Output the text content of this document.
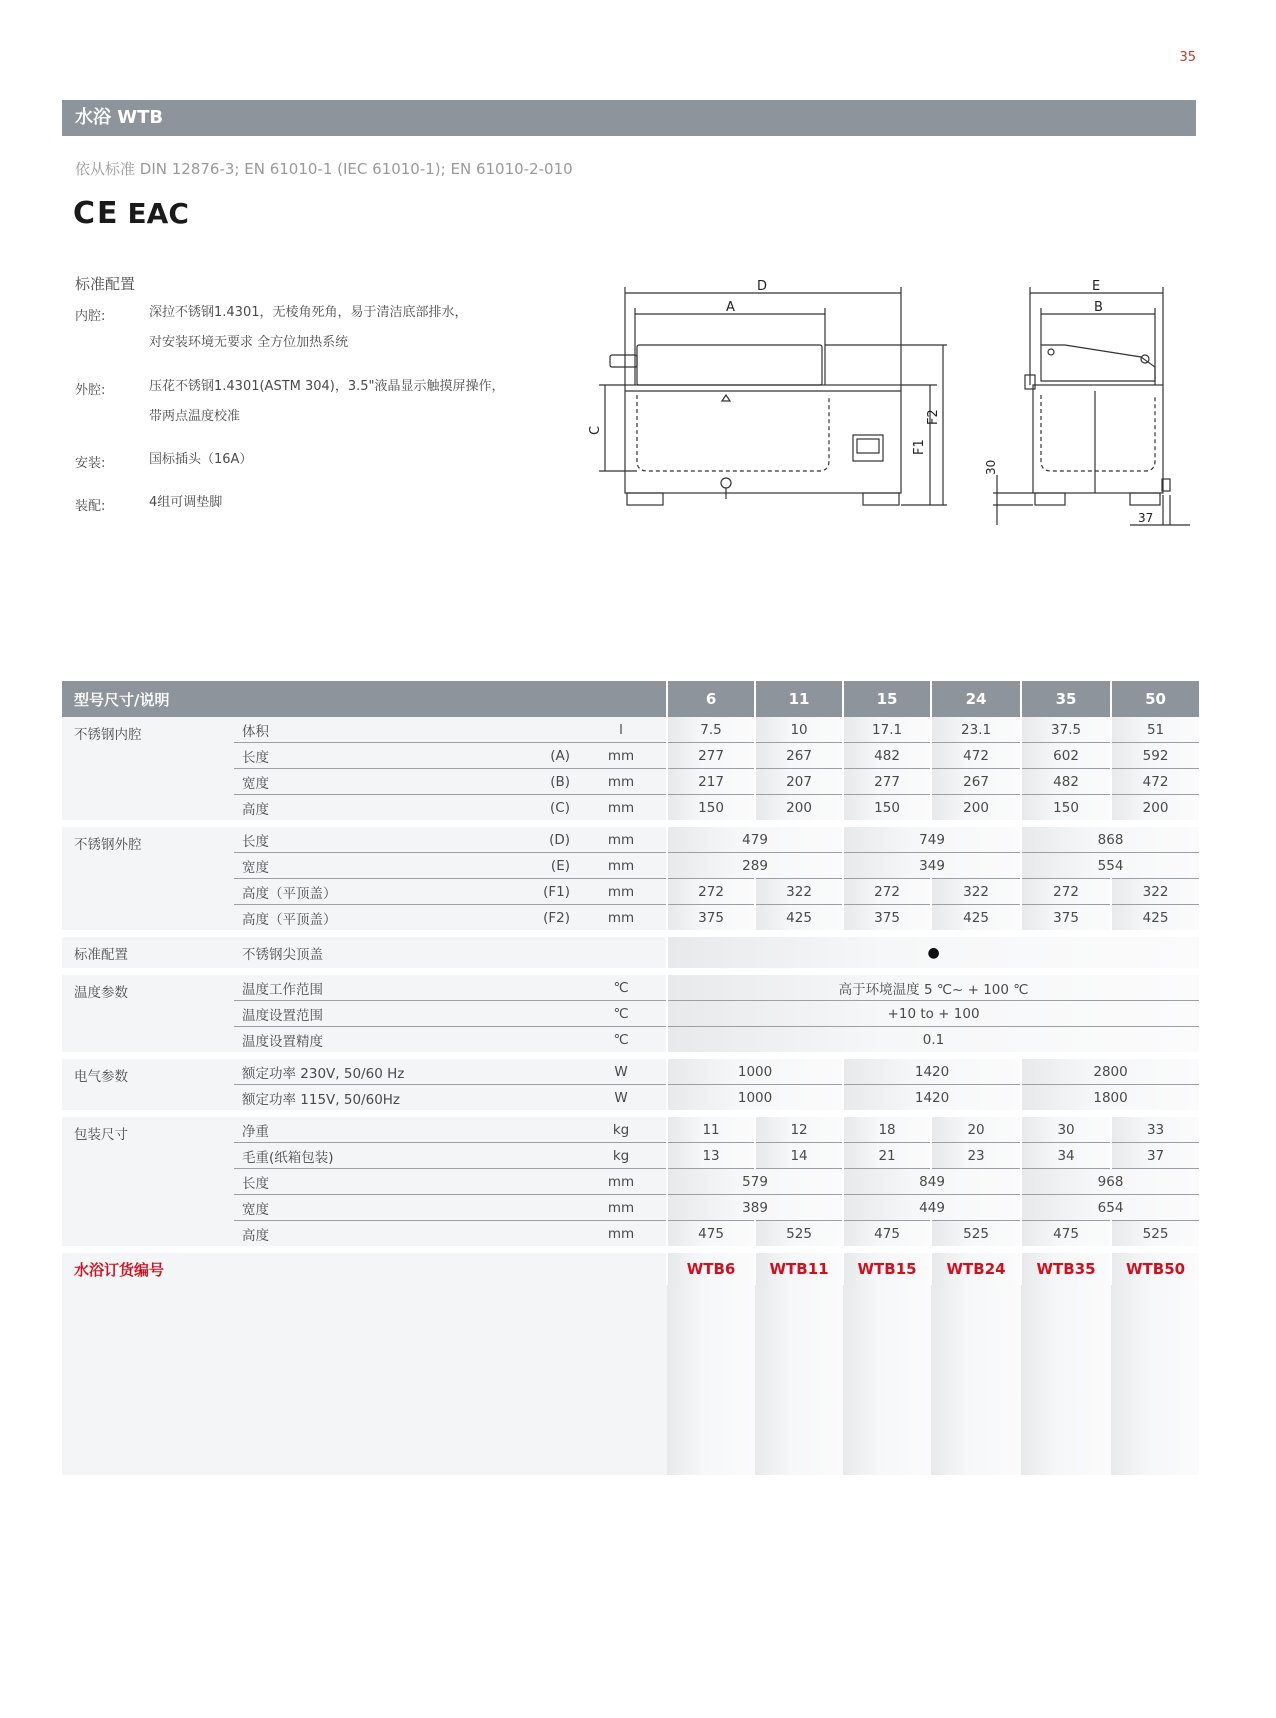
35
水浴 WTB
依从标准 DIN 12876-3; EN 61010-1 (IEC 61010-1); EN 61010-2-010
CE EAC
标准配置
内腔:	深拉不锈钢1.4301，无棱角死角，易于清洁底部排水，
对安装环境无要求 全方位加热系统
外腔:	压花不锈钢1.4301(ASTM 304)，3.5"液晶显示触摸屏操作，
带两点温度校准
安装:	国标插头（16A）
装配:	4组可调垫脚
D
A
C
F1
F2
E
B
30
37
型号尺寸/说明				6	11	15	24	35	50
不锈钢内腔	体积		l	7.5	10	17.1	23.1	37.5	51
	长度	(A)	mm	277	267	482	472	602	592
	宽度	(B)	mm	217	207	277	267	482	472
	高度	(C)	mm	150	200	150	200	150	200

不锈钢外腔	长度	(D)	mm	479		749		868	
	宽度	(E)	mm	289		349		554	
	高度（平顶盖）	(F1)	mm	272	322	272	322	272	322
	高度（平顶盖）	(F2)	mm	375	425	375	425	375	425

标准配置	不锈钢尖顶盖			●					

温度参数	温度工作范围		℃	高于环境温度 5 ℃~ + 100 ℃					
	温度设置范围		℃	+10 to + 100					
	温度设置精度		℃	0.1					

电气参数	额定功率 230V, 50/60 Hz		W	1000		1420		2800	
	额定功率 115V, 50/60Hz		W	1000		1420		1800	

包装尺寸	净重		kg	11	12	18	20	30	33
	毛重(纸箱包装)		kg	13	14	21	23	34	37
	长度		mm	579		849		968	
	宽度		mm	389		449		654	
	高度		mm	475	525	475	525	475	525

水浴订货编号				WTB6	WTB11	WTB15	WTB24	WTB35	WTB50
